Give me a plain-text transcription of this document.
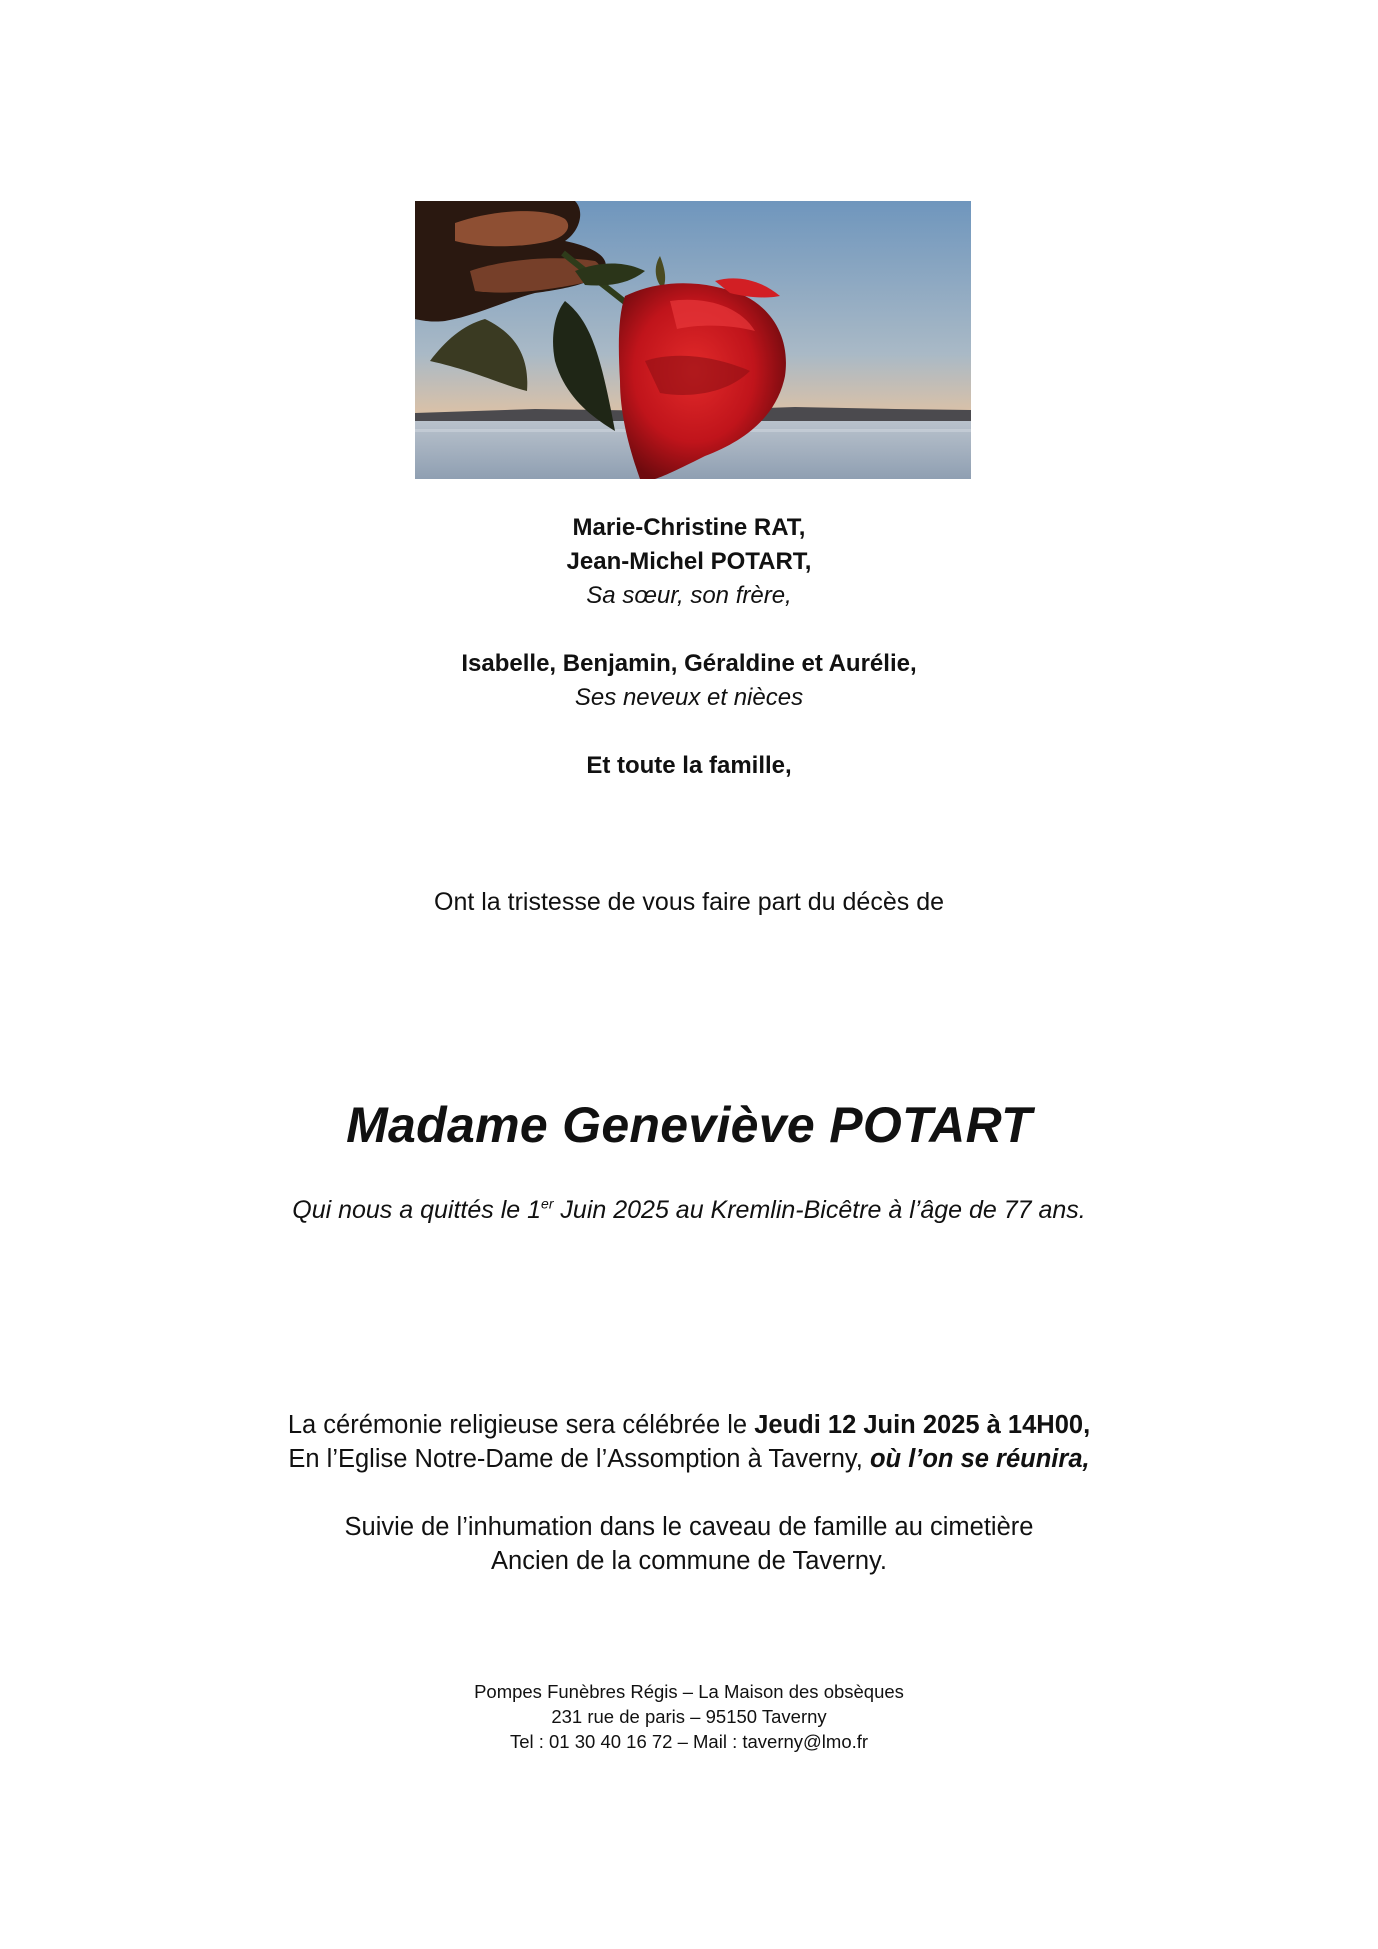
Marie-Christine RAT,
Jean-Michel POTART,
Sa sœur, son frère,
Isabelle, Benjamin, Géraldine et Aurélie,
Ses neveux et nièces
Et toute la famille,
Ont la tristesse de vous faire part du décès de
Madame Geneviève POTART
Qui nous a quittés le 1er Juin 2025 au Kremlin-Bicêtre à l’âge de 77 ans.
La cérémonie religieuse sera célébrée le Jeudi 12 Juin 2025 à 14H00,
En l’Eglise Notre-Dame de l’Assomption à Taverny, où l’on se réunira,
Suivie de l’inhumation dans le caveau de famille au cimetière
Ancien de la commune de Taverny.
Pompes Funèbres Régis – La Maison des obsèques
231 rue de paris – 95150 Taverny
Tel : 01 30 40 16 72 – Mail : taverny@lmo.fr
